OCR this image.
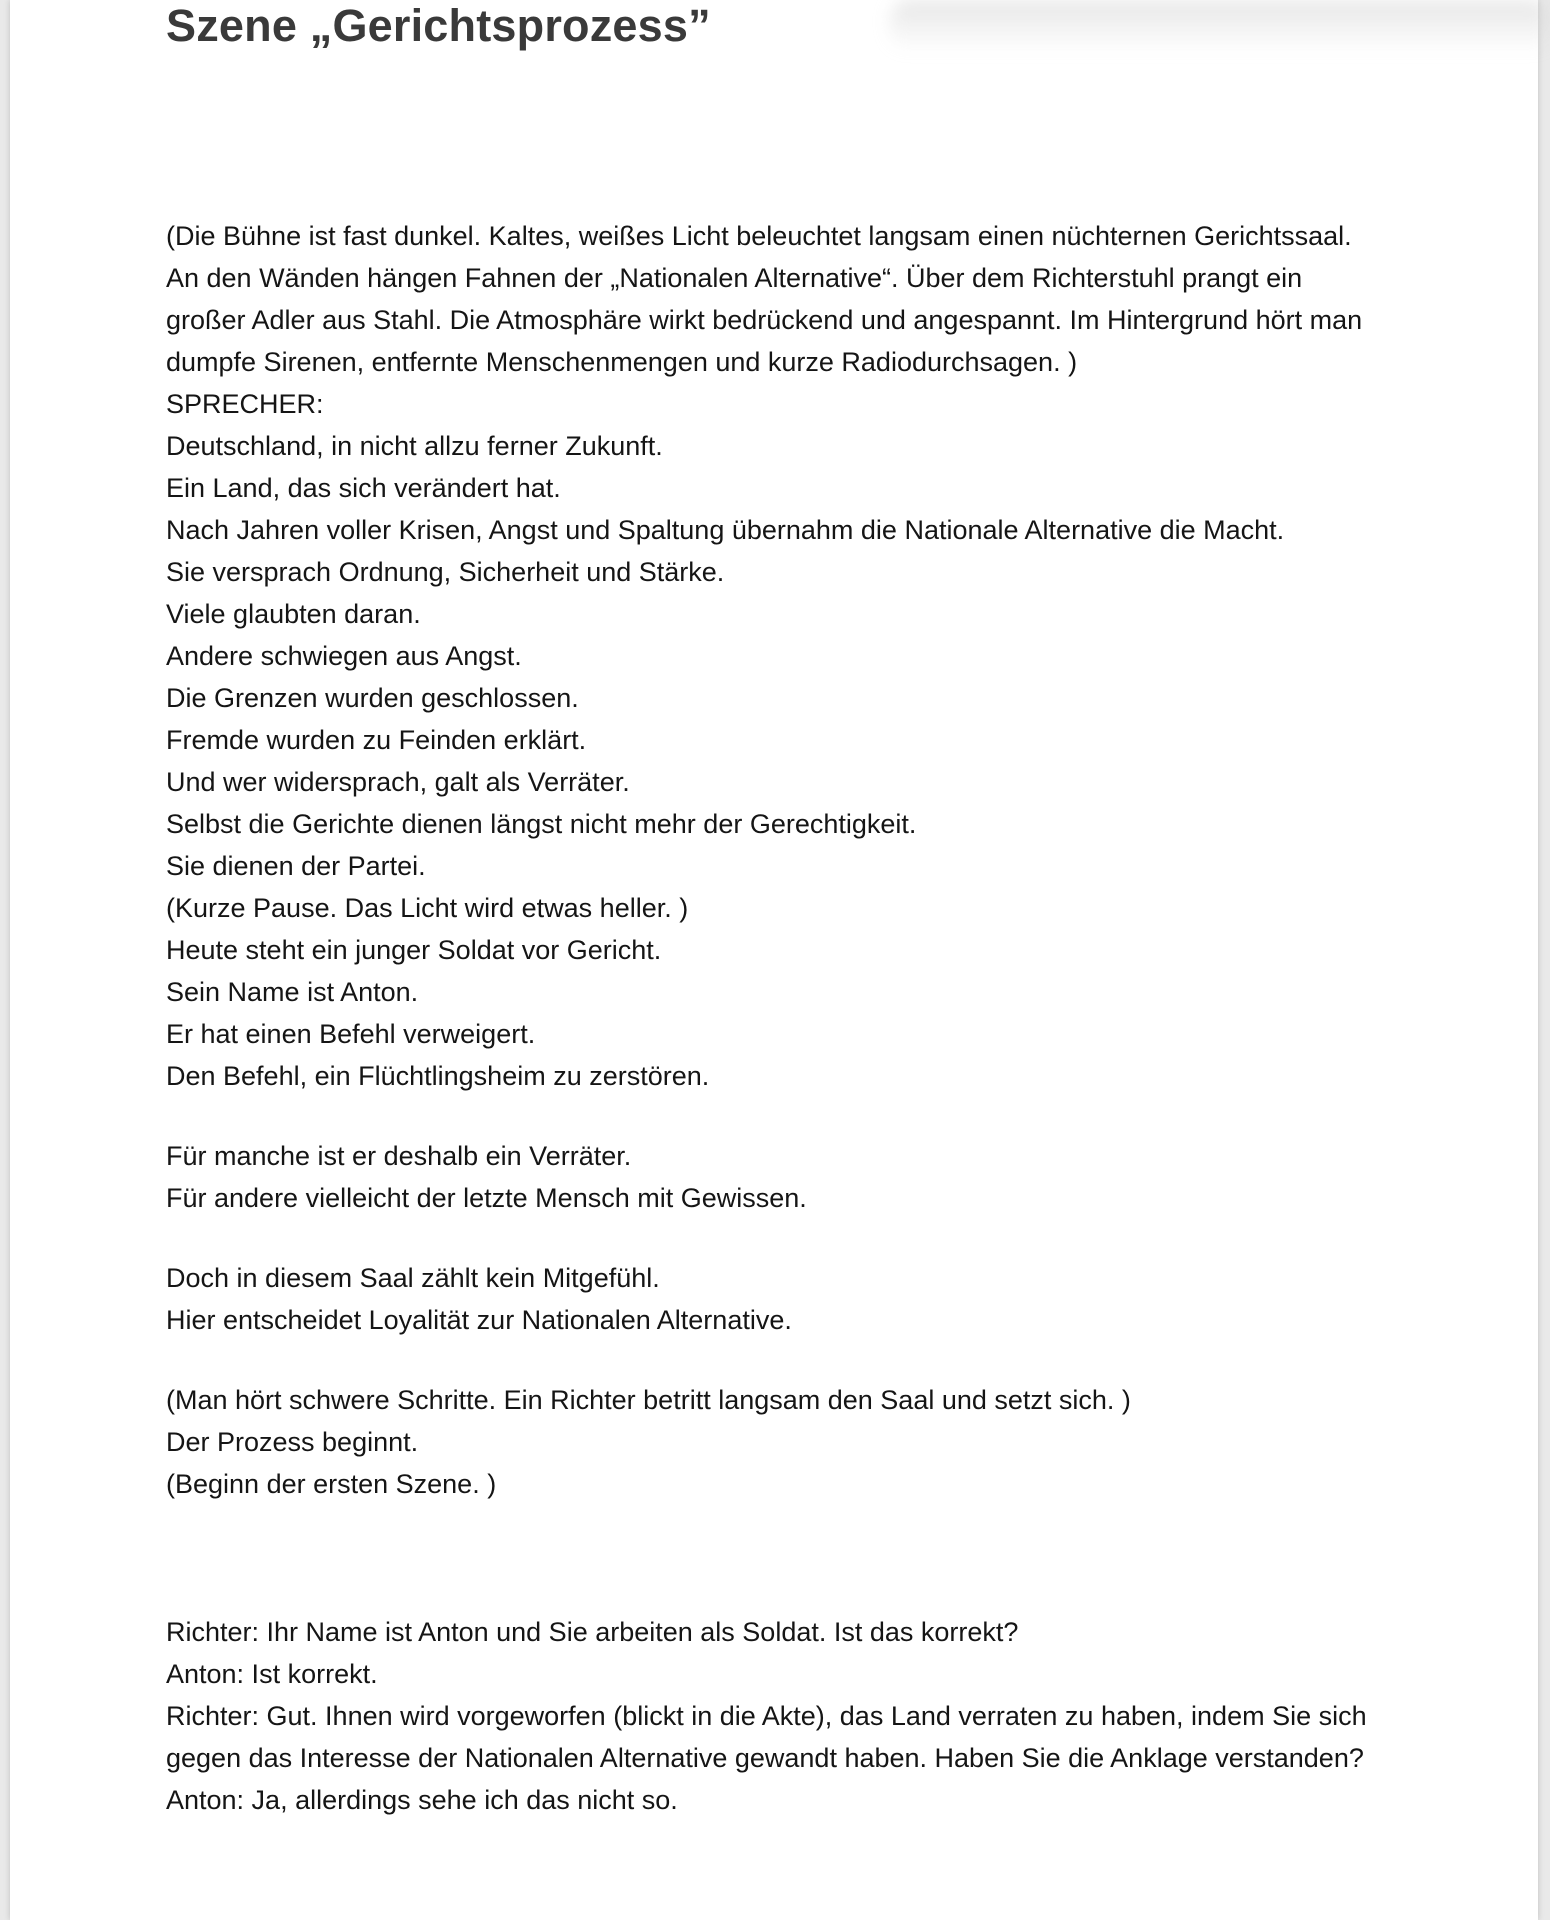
Szene „Gerichtsprozess”

(Die Bühne ist fast dunkel. Kaltes, weißes Licht beleuchtet langsam einen nüchternen Gerichtssaal.

An den Wänden hängen Fahnen der „Nationalen Alternative“. Über dem Richterstuhl prangt ein

großer Adler aus Stahl. Die Atmosphäre wirkt bedrückend und angespannt. Im Hintergrund hört man

dumpfe Sirenen, entfernte Menschenmengen und kurze Radiodurchsagen. )

SPRECHER:

Deutschland, in nicht allzu ferner Zukunft.

Ein Land, das sich verändert hat.

Nach Jahren voller Krisen, Angst und Spaltung übernahm die Nationale Alternative die Macht.

Sie versprach Ordnung, Sicherheit und Stärke.

Viele glaubten daran.

Andere schwiegen aus Angst.

Die Grenzen wurden geschlossen.

Fremde wurden zu Feinden erklärt.

Und wer widersprach, galt als Verräter.

Selbst die Gerichte dienen längst nicht mehr der Gerechtigkeit.

Sie dienen der Partei.

(Kurze Pause. Das Licht wird etwas heller. )

Heute steht ein junger Soldat vor Gericht.

Sein Name ist Anton.

Er hat einen Befehl verweigert.

Den Befehl, ein Flüchtlingsheim zu zerstören.

Für manche ist er deshalb ein Verräter.

Für andere vielleicht der letzte Mensch mit Gewissen.

Doch in diesem Saal zählt kein Mitgefühl.

Hier entscheidet Loyalität zur Nationalen Alternative.

(Man hört schwere Schritte. Ein Richter betritt langsam den Saal und setzt sich. )

Der Prozess beginnt.

(Beginn der ersten Szene. )

Richter: Ihr Name ist Anton und Sie arbeiten als Soldat. Ist das korrekt?

Anton: Ist korrekt.

Richter: Gut. Ihnen wird vorgeworfen (blickt in die Akte), das Land verraten zu haben, indem Sie sich

gegen das Interesse der Nationalen Alternative gewandt haben. Haben Sie die Anklage verstanden?

Anton: Ja, allerdings sehe ich das nicht so.
